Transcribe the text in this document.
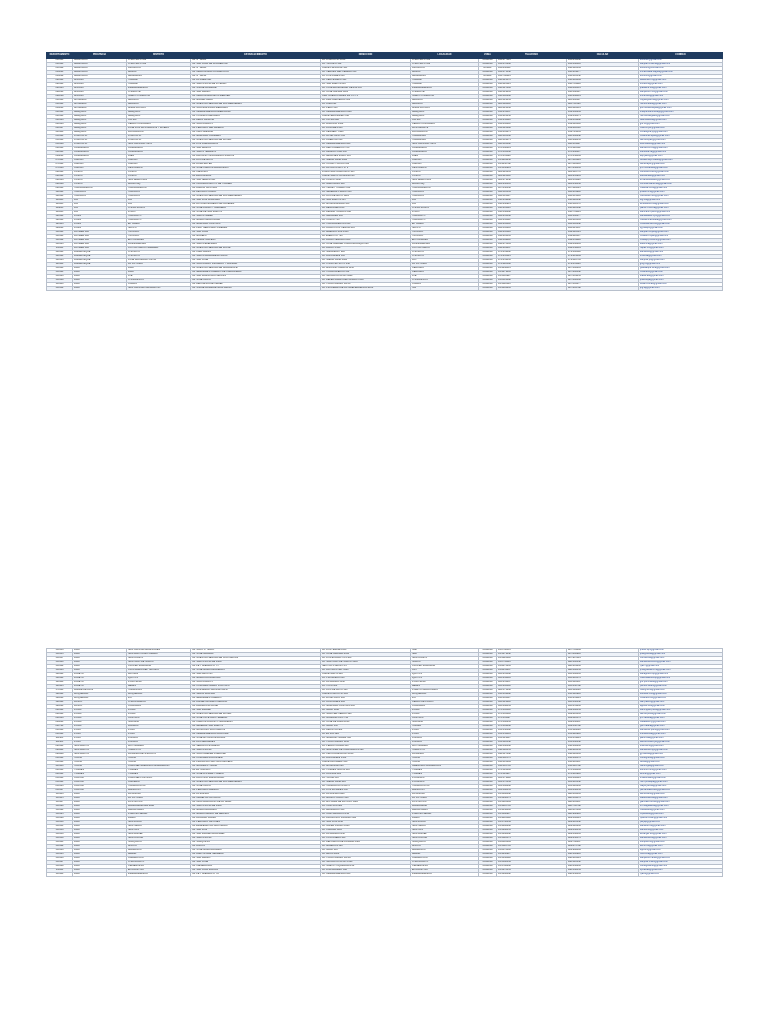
DEPARTAMENTO	PROVINCIA	DISTRITO	ESTABLECIMIENTO	DIRECCIÓN	LOCALIDAD	ZONA	TELÉFONO	CELULAR	CORREO
010101	AMAZONAS	CHACHAPOYAS	I.E. N° 18001	JR. AYACUCHO 1054	CHACHAPOYAS	URBANA	041-477125	941-853062	ie18001@gmail.com
010101	AMAZONAS	CHACHAPOYAS	I.E. SAN JUAN DE LA LIBERTAD	JR. TRIUNFO 452	CHACHAPOYAS	URBANA	041-478260	941-562310	sanjuan.chacha@gmail.com
010102	AMAZONAS	ASUNCION	I.E. N° 18045	CALLE PRINCIPAL S/N	ASUNCION	RURAL	041-830112	942-120344	ie18045@hotmail.com
010201	AMAZONAS	BAGUA	I.E. INMACULADA CONCEPCION	AV. HEROES DEL CENEPA 310	BAGUA	URBANA	041-471538	943-201877	inmaculada.bagua@gmail.com
010202	AMAZONAS	ARAMANGO	I.E. N° 16214	JR. LOS ANDES 218	ARAMANGO	RURAL	041-790225	944-310552	ie16214@gmail.com
020101	ANCASH	HUARAZ	I.E. LA LIBERTAD	AV. CENTENARIO 601	HUARAZ	URBANA	043-421570	943-612009	lalibertad.hz@gmail.com
020101	ANCASH	HUARAZ	I.E. SANTA ROSA DE VITERBO	JR. SAN MARTIN 845	HUARAZ	URBANA	043-423114	943-781220	srviterbo@gmail.com
020105	ANCASH	INDEPENDENCIA	I.E. JORGE BASADRE	AV. CONFRATERNIDAD OESTE 233	INDEPENDENCIA	URBANA	043-427806	944-002315	jbasadre.ind@gmail.com
021801	ANCASH	CHIMBOTE	I.E. SAN PEDRO	AV. JOSE GALVEZ 1120	CHIMBOTE	URBANA	043-321845	943-508127	sanpedro.chb@gmail.com
021809	ANCASH	NUEVO CHIMBOTE	I.E. INMACULADA DE LA MERCED	URB. BUENOS AIRES MZ C LT 4	NUEVO CHIMBOTE	URBANA	043-318260	943-662014	inmerced@gmail.com
030101	APURIMAC	ABANCAY	I.E. MIGUEL GRAU	AV. DIAZ BARCENAS 502	ABANCAY	URBANA	083-321454	983-602117	miguelgrau.ab@gmail.com
030101	APURIMAC	ABANCAY	I.E. NUESTRA SEÑORA DE LAS MERCEDES	JR. LIMA 221	ABANCAY	URBANA	083-322018	983-711520	nsmercedes@gmail.com
030201	APURIMAC	ANDAHUAYLAS	I.E. JUAN ESPINOZA MEDRANO	AV. PERU 410	ANDAHUAYLAS	URBANA	083-421336	983-420015	jem.andahuaylas@gmail.com
040101	AREQUIPA	AREQUIPA	I.E. INDEPENDENCIA AMERICANA	AV. INDEPENDENCIA 1320	AREQUIPA	URBANA	054-251307	959-102244	independencia.aqp@gmail.com
040101	AREQUIPA	AREQUIPA	I.E. HONORIO DELGADO	CALLE JERUSALEN 510	AREQUIPA	URBANA	054-213856	959-330471	honoriodelgado@gmail.com
040103	AREQUIPA	CAYMA	I.E. DEAN VALDIVIA	AV. CAYMA 608	CAYMA	URBANA	054-254118	959-441202	deanvaldivia@gmail.com
040104	AREQUIPA	CERRO COLORADO	I.E. JUAN PABLO II	AV. AVIACION 1450	CERRO COLORADO	URBANA	054-443612	959-520318	jp2.cc@gmail.com
040107	AREQUIPA	JOSE LUIS BUSTAMANTE Y RIVERO	I.E. PERUANO DEL MILENIO	AV. DOLORES 240	BUSTAMANTE	URBANA	054-425690	959-611038	milenio.jlbr@gmail.com
040112	AREQUIPA	PAUCARPATA	I.E. CIRO ALEGRIA	AV. KENNEDY 1180	PAUCARPATA	URBANA	054-461273	959-724461	ciroalegria.pp@gmail.com
050101	AYACUCHO	AYACUCHO	I.E. MARISCAL CACERES	JR. 28 DE JULIO 315	HUAMANGA	URBANA	066-312540	966-100238	mcaceres.ayac@gmail.com
050101	AYACUCHO	AYACUCHO	I.E. NUESTRA SEÑORA DE FATIMA	JR. LIBERTAD 610	HUAMANGA	URBANA	066-314871	966-208855	fatima.ayac@gmail.com
050108	AYACUCHO	SAN JUAN BAUTISTA	I.E. LOS LICENCIADOS	AV. INDEPENDENCIA 920	SAN JUAN BAUTISTA	URBANA	066-316002	966-301147	licenciados@gmail.com
060101	CAJAMARCA	CAJAMARCA	I.E. SAN RAMON	JR. DEL COMERCIO 780	CAJAMARCA	URBANA	076-362214	976-110532	sanramon.caj@gmail.com
060101	CAJAMARCA	CAJAMARCA	I.E. SANTA TERESITA	JR. AMALIA PUGA 530	CAJAMARCA	URBANA	076-365340	976-240617	steresita.caj@gmail.com
060801	CAJAMARCA	JAEN	I.E. ALFONSO VILLANUEVA PINILLOS	AV. MESONES MURO 405	JAEN	URBANA	076-431188	976-352009	avp.jaen@gmail.com
070101	CALLAO	CALLAO	I.E. DOS DE MAYO	AV. SAENZ PEÑA 1020	CALLAO	URBANA	01-4291650	987-410223	dosdemayo.callao@gmail.com
070101	CALLAO	CALLAO	I.E. DORA MAYER	JR. CONSTITUCION 356	CALLAO	URBANA	01-4650782	987-522610	doramayer@gmail.com
070106	CALLAO	VENTANILLA	I.E. JOSE CARLOS MARIATEGUI	AV. LA PLAYA MZ F LT 2	VENTANILLA	URBANA	01-5530914	987-630045	jcm.ventanilla@gmail.com
080101	CUSCO	CUSCO	I.E. CIENCIAS	PLAZA SAN FRANCISCO S/N	CUSCO	URBANA	084-223641	984-120778	ciencias.cusco@gmail.com
080101	CUSCO	CUSCO	I.E. EDUCANDAS	CALLE SANTA CATALINA 210	CUSCO	URBANA	084-225412	984-233901	educandas@gmail.com
080104	CUSCO	SAN SEBASTIAN	I.E. SAN SEBASTIAN	AV. CUSCO 1340	SAN SEBASTIAN	URBANA	084-271058	984-341120	ie.sansebastian@gmail.com
080108	CUSCO	WANCHAQ	I.E. CLORINDA MATTO DE TURNER	AV. GARCILASO 812	WANCHAQ	URBANA	084-236105	984-452336	clorinda.wanchaq@gmail.com
090101	HUANCAVELICA	HUANCAVELICA	I.E. RAMON CASTILLA	JR. VIRREY TOLEDO 410	HUANCAVELICA	URBANA	067-452130	967-110645	rcastilla.hvca@gmail.com
100101	HUANUCO	HUANUCO	I.E. LEONCIO PRADO	JR. GENERAL PRADO 650	HUANUCO	URBANA	062-512344	962-201918	lprado.hco@gmail.com
100101	HUANUCO	HUANUCO	I.E. NUESTRA SEÑORA DE LAS MERCEDES	JR. DOS DE MAYO 1022	HUANUCO	URBANA	062-513027	962-315410	mercedes.hco@gmail.com
110101	ICA	ICA	I.E. SAN LUIS GONZAGA	AV. SAN MARTIN 515	ICA	URBANA	056-231808	956-420332	slg.ica@gmail.com
110101	ICA	ICA	I.E. ANTONIA MORENO DE CACERES	AV. MUNICIPALIDAD 330	ICA	URBANA	056-232915	956-511270	amcaceres.ica@gmail.com
110201	ICA	CHINCHA ALTA	I.E. JOSE PARDO Y BARREDA	AV. BENAVIDES 220	CHINCHA ALTA	URBANA	056-261114	956-620148	pardo.chincha@gmail.com
110501	ICA	PISCO	I.E. JOSE DE SAN MARTIN	AV. FERMIN TANGUIS 640	PISCO	URBANA	056-532602	956-731025	sanmartin.pisco@gmail.com
120101	JUNIN	HUANCAYO	I.E. SANTA ISABEL	AV. GIRALDEZ 285	HUANCAYO	URBANA	064-231540	964-102277	santaisabel.hyo@gmail.com
120101	JUNIN	HUANCAYO	I.E. MARIA INMACULADA	JR. CUZCO 740	HUANCAYO	URBANA	064-234112	964-210381	mariainmaculada@gmail.com
120114	JUNIN	EL TAMBO	I.E. MARISCAL CASTILLA	AV. HUANCAVELICA 1550	EL TAMBO	URBANA	064-245018	964-318642	mcastilla.tambo@gmail.com
120601	JUNIN	SATIPO	I.E. FRAY GERONIMO JIMENEZ	JR. AUGUSTO B. LEGUIA 410	SATIPO	URBANA	064-545210	964-421507	fgj.satipo@gmail.com
130101	LA LIBERTAD	TRUJILLO	I.E. SAN JUAN	AV. AMERICA SUR 2300	TRUJILLO	URBANA	044-245120	949-110334	sanjuan.trujillo@gmail.com
130101	LA LIBERTAD	TRUJILLO	I.E. MODELO	AV. EJERCITO 720	TRUJILLO	URBANA	044-201345	949-220417	modelo.trujillo@gmail.com
130102	LA LIBERTAD	EL PORVENIR	I.E. CESAR VALLEJO	AV. PABLO NERUDA 1150	EL PORVENIR	URBANA	044-409812	949-331620	cvallejo.porvenir@gmail.com
130105	LA LIBERTAD	LA ESPERANZA	I.E. SANTA EDELMIRA	AV. JOSE GABRIEL CONDORCANQUI 880	LA ESPERANZA	URBANA	044-273104	949-440281	edelmira@gmail.com
130111	LA LIBERTAD	VICTOR LARCO HERRERA	I.E. NUESTRA SEÑORA DE LA PAZ	AV. LARCO 1540	VICTOR LARCO	URBANA	044-281607	949-552019	nspaz.vlh@gmail.com
140101	LAMBAYEQUE	CHICLAYO	I.E. KARL WEISS	AV. SALAVERRY 920	CHICLAYO	URBANA	074-231802	979-100528	karlweiss@gmail.com
140101	LAMBAYEQUE	CHICLAYO	I.E. SANTA MAGDALENA SOFIA	AV. BOLOGNESI 510	CHICLAYO	URBANA	074-235114	979-214409	smsofia@gmail.com
140105	LAMBAYEQUE	JOSE LEONARDO ORTIZ	I.E. SAN JOSE	AV. SAENZ PEÑA 1820	JLO	URBANA	074-251033	979-320745	sanjose.jlo@gmail.com
140112	LAMBAYEQUE	LA VICTORIA	I.E. JUAN PABLO VIZCARDO Y GUZMAN	AV. CHINCHAYSUYO 440	LA VICTORIA	URBANA	074-222580	979-431106	jpvg.lv@gmail.com
150101	LIMA	LIMA	I.E. NUESTRA SEÑORA DE GUADALUPE	AV. ALFONSO UGARTE 1150	CERCADO	URBANA	01-4232415	987-100201	guadalupe.lima@gmail.com
150101	LIMA	LIMA	I.E. MERCEDES CABELLO DE CARBONERA	JR. HUANCAVELICA 510	CERCADO	URBANA	01-4271803	987-200342	mcabello@gmail.com
150103	LIMA	ATE	I.E. SAN FRANCISCO DE ASIS	AV. NICOLAS AYLLON 4420	ATE	URBANA	01-3510927	987-301455	sfasis.ate@gmail.com
150108	LIMA	CHORRILLOS	I.E. JOSE OLAYA	AV. DEFENSORES DEL MORRO 1510	CHORRILLOS	URBANA	01-2514308	987-402566	joseolaya@gmail.com
150110	LIMA	COMAS	I.E. REPUBLICA DE ISRAEL	AV. TUPAC AMARU KM 11	COMAS	URBANA	01-5420116	987-503677	israel.comas@gmail.com
150132	LIMA	SAN JUAN DE LURIGANCHO	I.E. JORGE BASADRE GROHMANN	AV. PROCERES DE LA INDEPENDENCIA 2100	SJL	URBANA	01-3881245	987-604788	jbg.sjl@gmail.com
150133	LIMA	SAN JUAN DE MIRAFLORES	I.E. JULIO C. TELLO	AV. LOS HEROES 820	SJM	URBANA	01-2760513	987-705899	jctello.sjm@gmail.com
150135	LIMA	SAN MARTIN DE PORRES	I.E. JOSE GRANDA	AV. JOSE GRANDA 2450	SMP	URBANA	01-5671032	987-806910	josegranda@gmail.com
150137	LIMA	SANTA ANITA	I.E. NUESTRA SEÑORA DE COCHARCAS	AV. LOS EUCALIPTOS 580	SANTA ANITA	URBANA	01-3623418	987-907021	cocharcas@gmail.com
150140	LIMA	SANTIAGO DE SURCO	I.E. SANTA ROSA DE LIMA	AV. SANTIAGO DE SURCO 3610	SURCO	URBANA	01-2754119	988-100132	santarosa.surco@gmail.com
150142	LIMA	VILLA EL SALVADOR	I.E. FE Y ALEGRIA N° 17	SECTOR 2 GRUPO 15	VILLA EL SALVADOR	URBANA	01-2873645	988-201243	fya17@gmail.com
150143	LIMA	VILLA MARIA DEL TRIUNFO	I.E. JOSE MARIA ARGUEDAS	AV. PACHACUTEC 3120	VMT	URBANA	01-2851207	988-302354	jmarguedas.vmt@gmail.com
160101	LORETO	MAYNAS	I.E. SAN AGUSTIN	CALLE NAUTA 420	IQUITOS	URBANA	065-231508	965-100465	sanagustin.iqt@gmail.com
160101	LORETO	IQUITOS	I.E. MARIA AUXILIADORA	JR. PROSPERO 810	IQUITOS	URBANA	065-234410	965-210576	mauxiliadora.iqt@gmail.com
160112	LORETO	PUNCHANA	I.E. JUAN PABLO II	AV. LA MARINA 1530	PUNCHANA	URBANA	065-251207	965-320687	jp2.punchana@gmail.com
160113	LORETO	BELEN	I.E. CORONEL PEDRO PORTILLO	JR. ITAYA 320	BELEN	URBANA	065-263318	965-430798	portillo.belen@gmail.com
170101	MADRE DE DIOS	TAMBOPATA	I.E. GUILLERMO BILLINGHURST	AV. DOS DE MAYO 520	PUERTO MALDONADO	URBANA	082-571230	982-110809	billinghurst@gmail.com
180101	MOQUEGUA	MOQUEGUA	I.E. SIMON BOLIVAR	CALLE AYACUCHO 410	MOQUEGUA	URBANA	053-461402	953-120910	sbolivar.moq@gmail.com
180301	MOQUEGUA	ILO	I.E. MERCEDES CABELLO	AV. 28 DE JULIO 610	ILO	URBANA	053-481527	953-231021	mcabello.ilo@gmail.com
190101	PASCO	CHAUPIMARCA	I.E. DANIEL ALCIDES CARRION	JR. BOLOGNESI 220	CERRO DE PASCO	URBANA	063-421618	963-340132	dac.pasco@gmail.com
190301	PASCO	OXAPAMPA	I.E. ALMIRANTE GUISE	JR. MARISCAL CASTILLA 310	OXAPAMPA	URBANA	063-462034	963-451243	aguise.oxa@gmail.com
200101	PIURA	PIURA	I.E. SAN MIGUEL	AV. GRAU 1040	PIURA	URBANA	073-303512	969-100354	sanmiguel.piura@gmail.com
200101	PIURA	PIURA	I.E. NUESTRA SEÑORA DE FATIMA	AV. SANCHEZ CERRO 920	PIURA	URBANA	073-305418	969-210465	fatima.piura@gmail.com
200104	PIURA	CASTILLA	I.E. JOSE CAYETANO HEREDIA	AV. GUARDIA CIVIL 740	CASTILLA	URBANA	073-341127	969-320576	jch.castilla@gmail.com
200601	PIURA	SULLANA	I.E. CARLOS AUGUSTO SALAVERRY	AV. JOSE DE LAMA 1810	SULLANA	URBANA	073-502233	969-430687	casalaverry@gmail.com
200701	PIURA	PARIÑAS	I.E. GENERAL SAN MARTIN	AV. GRAU 350	TALARA	URBANA	073-381440	969-540798	gsm.talara@gmail.com
210101	PUNO	PUNO	I.E. GLORIOSO SAN CARLOS	JR. DEUSTUA 480	PUNO	URBANA	051-352102	951-110809	sancarlos.puno@gmail.com
210101	PUNO	PUNO	I.E. INDEPENDENCIA NACIONAL	AV. EL SOL 820	PUNO	URBANA	051-354316	951-220910	indnacional@gmail.com
211101	PUNO	JULIACA	I.E. JOSE ANTONIO ENCINAS	JR. MARIANO NUÑEZ 560	JULIACA	URBANA	051-321427	951-331021	jaencinas@gmail.com
211101	PUNO	JULIACA	I.E. LAS MERCEDES	AV. TUPAC AMARU 1130	JULIACA	URBANA	051-322538	951-442132	lasmercedes.jul@gmail.com
220101	SAN MARTIN	MOYOBAMBA	I.E. SERAFIN FILOMENO	JR. PEDRO CANGA 410	MOYOBAMBA	URBANA	042-562140	942-100243	sfilomeno@gmail.com
220901	SAN MARTIN	TARAPOTO	I.E. SANTA ROSA	JR. MARTINEZ DE COMPAGÑON 620	TARAPOTO	URBANA	042-522351	942-210354	santarosa.tpp@gmail.com
220909	SAN MARTIN	LA BANDA DE SHILCAYO	I.E. JUAN JIMENEZ PIMENTEL	AV. CIRCUNVALACION 1210	LA BANDA	URBANA	042-527462	942-320465	jjp.banda@gmail.com
230101	TACNA	TACNA	I.E. CORONEL BOLOGNESI	AV. BOLOGNESI 1530	TACNA	URBANA	052-411573	952-100576	cbolognesi@gmail.com
230101	TACNA	TACNA	I.E. FRANCISCO ANTONIO DE ZELA	CALLE BLONDELL 340	TACNA	URBANA	052-413684	952-210687	fazela@gmail.com
230110	TACNA	CORONEL GREGORIO ALBARRACIN	I.E. MANUEL A. ODRIA	AV. MUNICIPAL 820	GREGORIO ALBARRACIN	URBANA	052-316795	952-320798	odria.cgal@gmail.com
240101	TUMBES	TUMBES	I.E. EL TRIUNFO	AV. TUMBES NORTE 410	TUMBES	URBANA	072-523806	972-100809	eltriunfo.tum@gmail.com
240101	TUMBES	TUMBES	I.E. JOSE LISHNER TUDELA	JR. BOLIVAR 220	TUMBES	URBANA	072-524917	972-210910	lishner@gmail.com
250101	UCAYALI	CORONEL PORTILLO	I.E. FAUSTINO MALDONADO	JR. TACNA 510	PUCALLPA	URBANA	061-571028	961-100021	fmaldonado@gmail.com
250101	UCAYALI	CALLERIA	I.E. NUESTRA SEÑORA DE LAS MERCEDES	AV. SAENZ PEÑA 620	PUCALLPA	URBANA	061-572139	961-210132	nsm.pucallpa@gmail.com
250105	UCAYALI	YARINACOCHA	I.E. JOSE OLAYA	AV. YARINACOCHA KM 4	YARINACOCHA	URBANA	061-596240	961-320243	olaya.yarina@gmail.com
250107	UCAYALI	MANANTAY	I.E. PERUANO ALEMAN	JR. LOS ROSALES 330	MANANTAY	URBANA	061-590351	961-430354	peruanoaleman@gmail.com
150114	LIMA	LA MOLINA	I.E. LA MOLINA	AV. LA MOLINA 1180	LA MOLINA	URBANA	01-3490462	988-403465	lamolina.ie@gmail.com
150115	LIMA	LA VICTORIA	I.E. ISABEL LA CATOLICA	AV. MANCO CAPAC 910	LA VICTORIA	URBANA	01-3240573	988-504576	isabelcatolica@gmail.com
150117	LIMA	LOS OLIVOS	I.E. INCA GARCILASO DE LA VEGA	AV. ANTUNEZ DE MAYOLO 1020	LOS OLIVOS	URBANA	01-5210684	988-605687	garcilaso.olivos@gmail.com
150120	LIMA	MAGDALENA DEL MAR	I.E. SANTA ROSA DE LIMA	JR. CASTILLA 480	MAGDALENA	URBANA	01-4612795	988-706798	srl.magdalena@gmail.com
150122	LIMA	MIRAFLORES	I.E. MARIA ALVARADO	AV. ARAMBURU 340	MIRAFLORES	URBANA	01-4450806	988-807809	malvarado@gmail.com
150125	LIMA	PUENTE PIEDRA	I.E. MARIA PARADO DE BELLIDO	AV. JUAN LECAROS 210	PUENTE PIEDRA	URBANA	01-5480917	988-908910	mpbellido@gmail.com
150128	LIMA	RIMAC	I.E. RICARDO PALMA	AV. FRANCISCO PIZARRO 620	RIMAC	URBANA	01-4810028	989-100021	rpalma.rimac@gmail.com
150130	LIMA	SAN BORJA	I.E. PERUANO JAPONES	AV. SAN LUIS 2140	SAN BORJA	URBANA	01-4750139	989-210132	perjap@gmail.com
150131	LIMA	SAN ISIDRO	I.E. EMBLEMATICA SAN ISIDRO	AV. JAVIER PRADO 1020	SAN ISIDRO	URBANA	01-4400240	989-320243	sanisidro.ie@gmail.com
150134	LIMA	SAN LUIS	I.E. SAN LUIS	AV. CANADA 1410	SAN LUIS	URBANA	01-3260351	989-430354	sanluis.ie@gmail.com
150136	LIMA	SAN MIGUEL	I.E. SAN MIGUEL ARCANGEL	AV. LA MARINA 2550	SAN MIGUEL	URBANA	01-5640462	989-540465	arcangel.sm@gmail.com
150139	LIMA	SANTA ROSA	I.E. SANTA ROSA	AV. COSTANERA 120	SANTA ROSA	URBANA	01-5520573	989-650576	santarosa.ie@gmail.com
150141	LIMA	SURQUILLO	I.E. SURQUILLO	AV. REPUBLICA DE PANAMA 4520	SURQUILLO	URBANA	01-2410684	989-760687	surquillo.ie@gmail.com
150102	LIMA	ANCON	I.E. ANCON	AV. MALECON 320	ANCON	URBANA	01-5520795	989-870798	ancon.ie@gmail.com
150104	LIMA	BARRANCO	I.E. JOSE MARIA EGUREN	AV. GRAU 610	BARRANCO	URBANA	01-2470806	989-980809	eguren@gmail.com
150105	LIMA	BREÑA	I.E. BARTOLOME HERRERA	AV. ARICA 1020	BREÑA	URBANA	01-4230917	990-100910	bherrera@gmail.com
150106	LIMA	CARABAYLLO	I.E. SAN PEDRO	AV. TUPAC AMARU KM 20	CARABAYLLO	URBANA	01-5430028	990-210021	sanpedro.carab@gmail.com
150107	LIMA	CHACLACAYO	I.E. SAN JOSE	AV. NICOLAS AYLLON 1520	CHACLACAYO	URBANA	01-3580139	990-320132	sanjose.chacl@gmail.com
150109	LIMA	CIENEGUILLA	I.E. CIENEGUILLA	AV. NUEVO TOQUEPALA 210	CIENEGUILLA	URBANA	01-4790240	990-430243	cieneguilla.ie@gmail.com
150111	LIMA	EL AGUSTINO	I.E. SAN JUAN MACIAS	AV. RIVA AGÜERO 840	EL AGUSTINO	URBANA	01-3270351	990-540354	sjmacias@gmail.com
150112	LIMA	INDEPENDENCIA	I.E. FE Y ALEGRIA N° 11	AV. INDEPENDENCIA 920	INDEPENDENCIA	URBANA	01-5260462	990-650465	fya11@gmail.com
